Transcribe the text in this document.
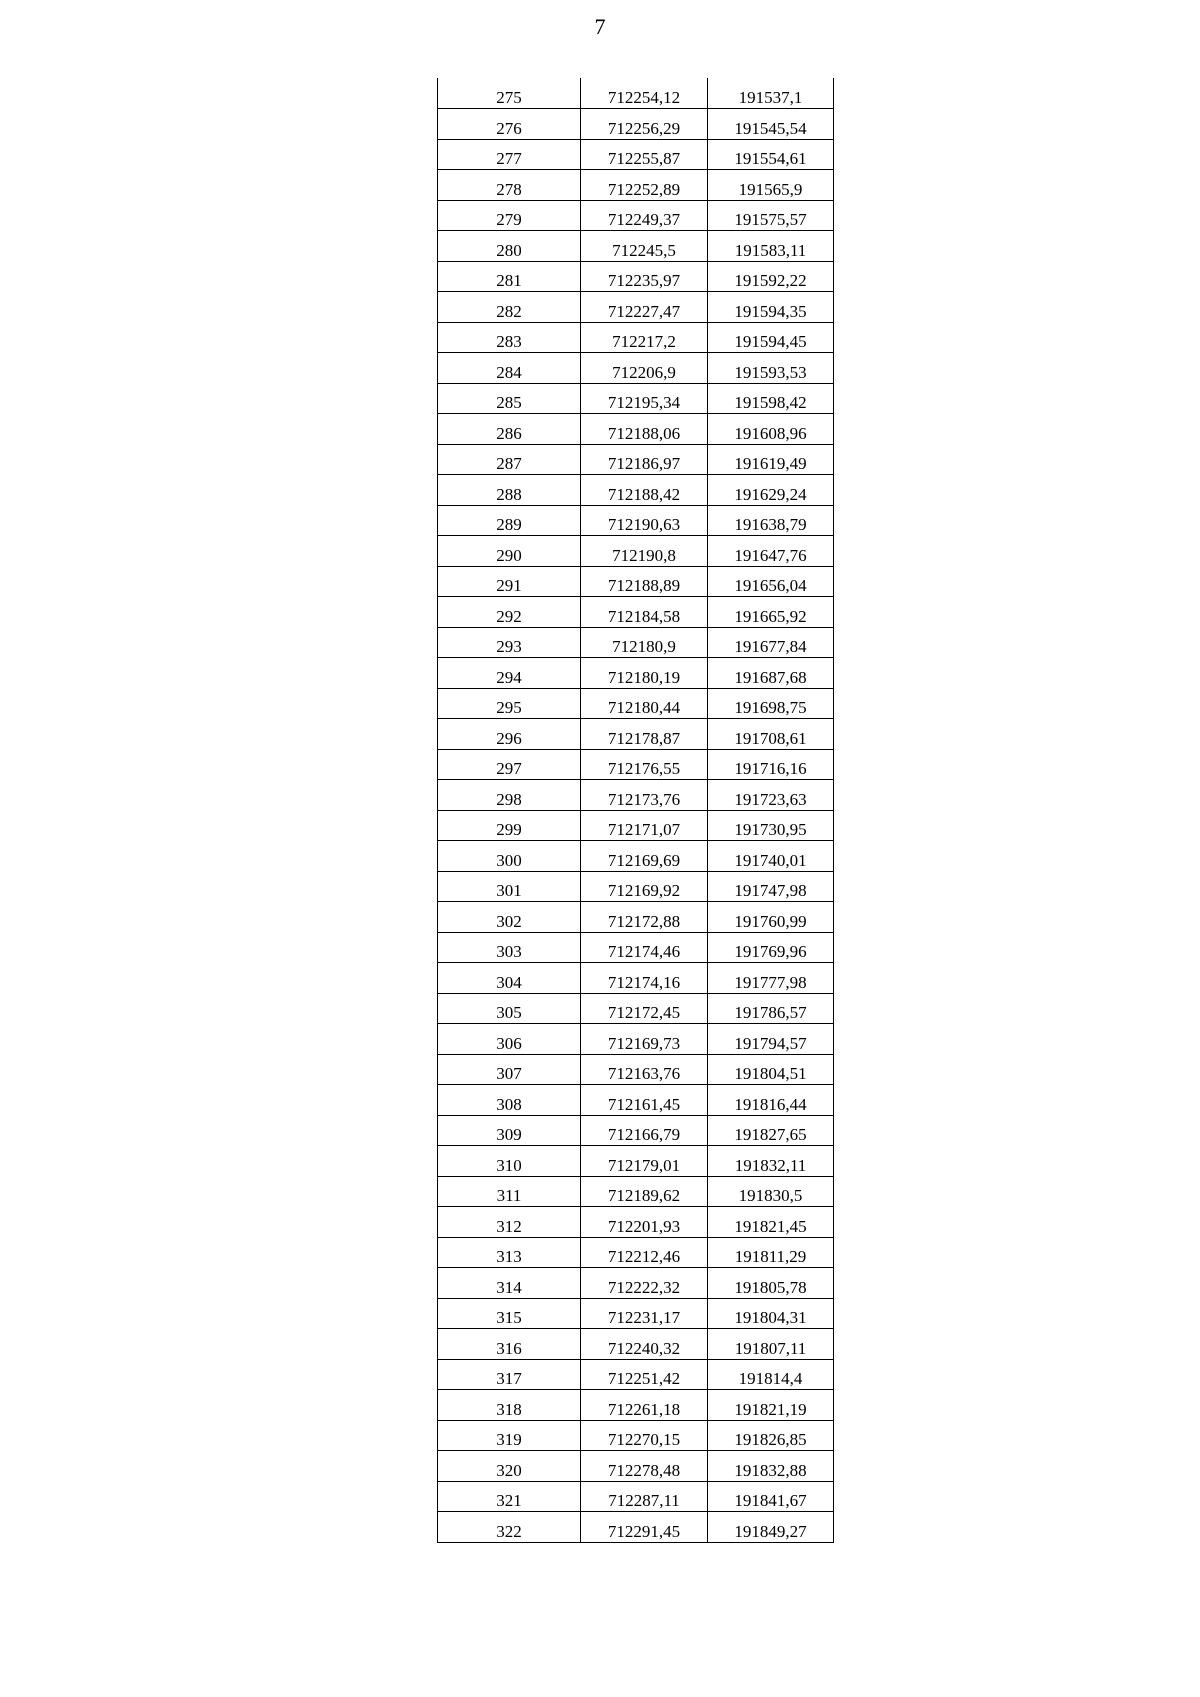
7
275	712254,12	191537,1
276	712256,29	191545,54
277	712255,87	191554,61
278	712252,89	191565,9
279	712249,37	191575,57
280	712245,5	191583,11
281	712235,97	191592,22
282	712227,47	191594,35
283	712217,2	191594,45
284	712206,9	191593,53
285	712195,34	191598,42
286	712188,06	191608,96
287	712186,97	191619,49
288	712188,42	191629,24
289	712190,63	191638,79
290	712190,8	191647,76
291	712188,89	191656,04
292	712184,58	191665,92
293	712180,9	191677,84
294	712180,19	191687,68
295	712180,44	191698,75
296	712178,87	191708,61
297	712176,55	191716,16
298	712173,76	191723,63
299	712171,07	191730,95
300	712169,69	191740,01
301	712169,92	191747,98
302	712172,88	191760,99
303	712174,46	191769,96
304	712174,16	191777,98
305	712172,45	191786,57
306	712169,73	191794,57
307	712163,76	191804,51
308	712161,45	191816,44
309	712166,79	191827,65
310	712179,01	191832,11
311	712189,62	191830,5
312	712201,93	191821,45
313	712212,46	191811,29
314	712222,32	191805,78
315	712231,17	191804,31
316	712240,32	191807,11
317	712251,42	191814,4
318	712261,18	191821,19
319	712270,15	191826,85
320	712278,48	191832,88
321	712287,11	191841,67
322	712291,45	191849,27
